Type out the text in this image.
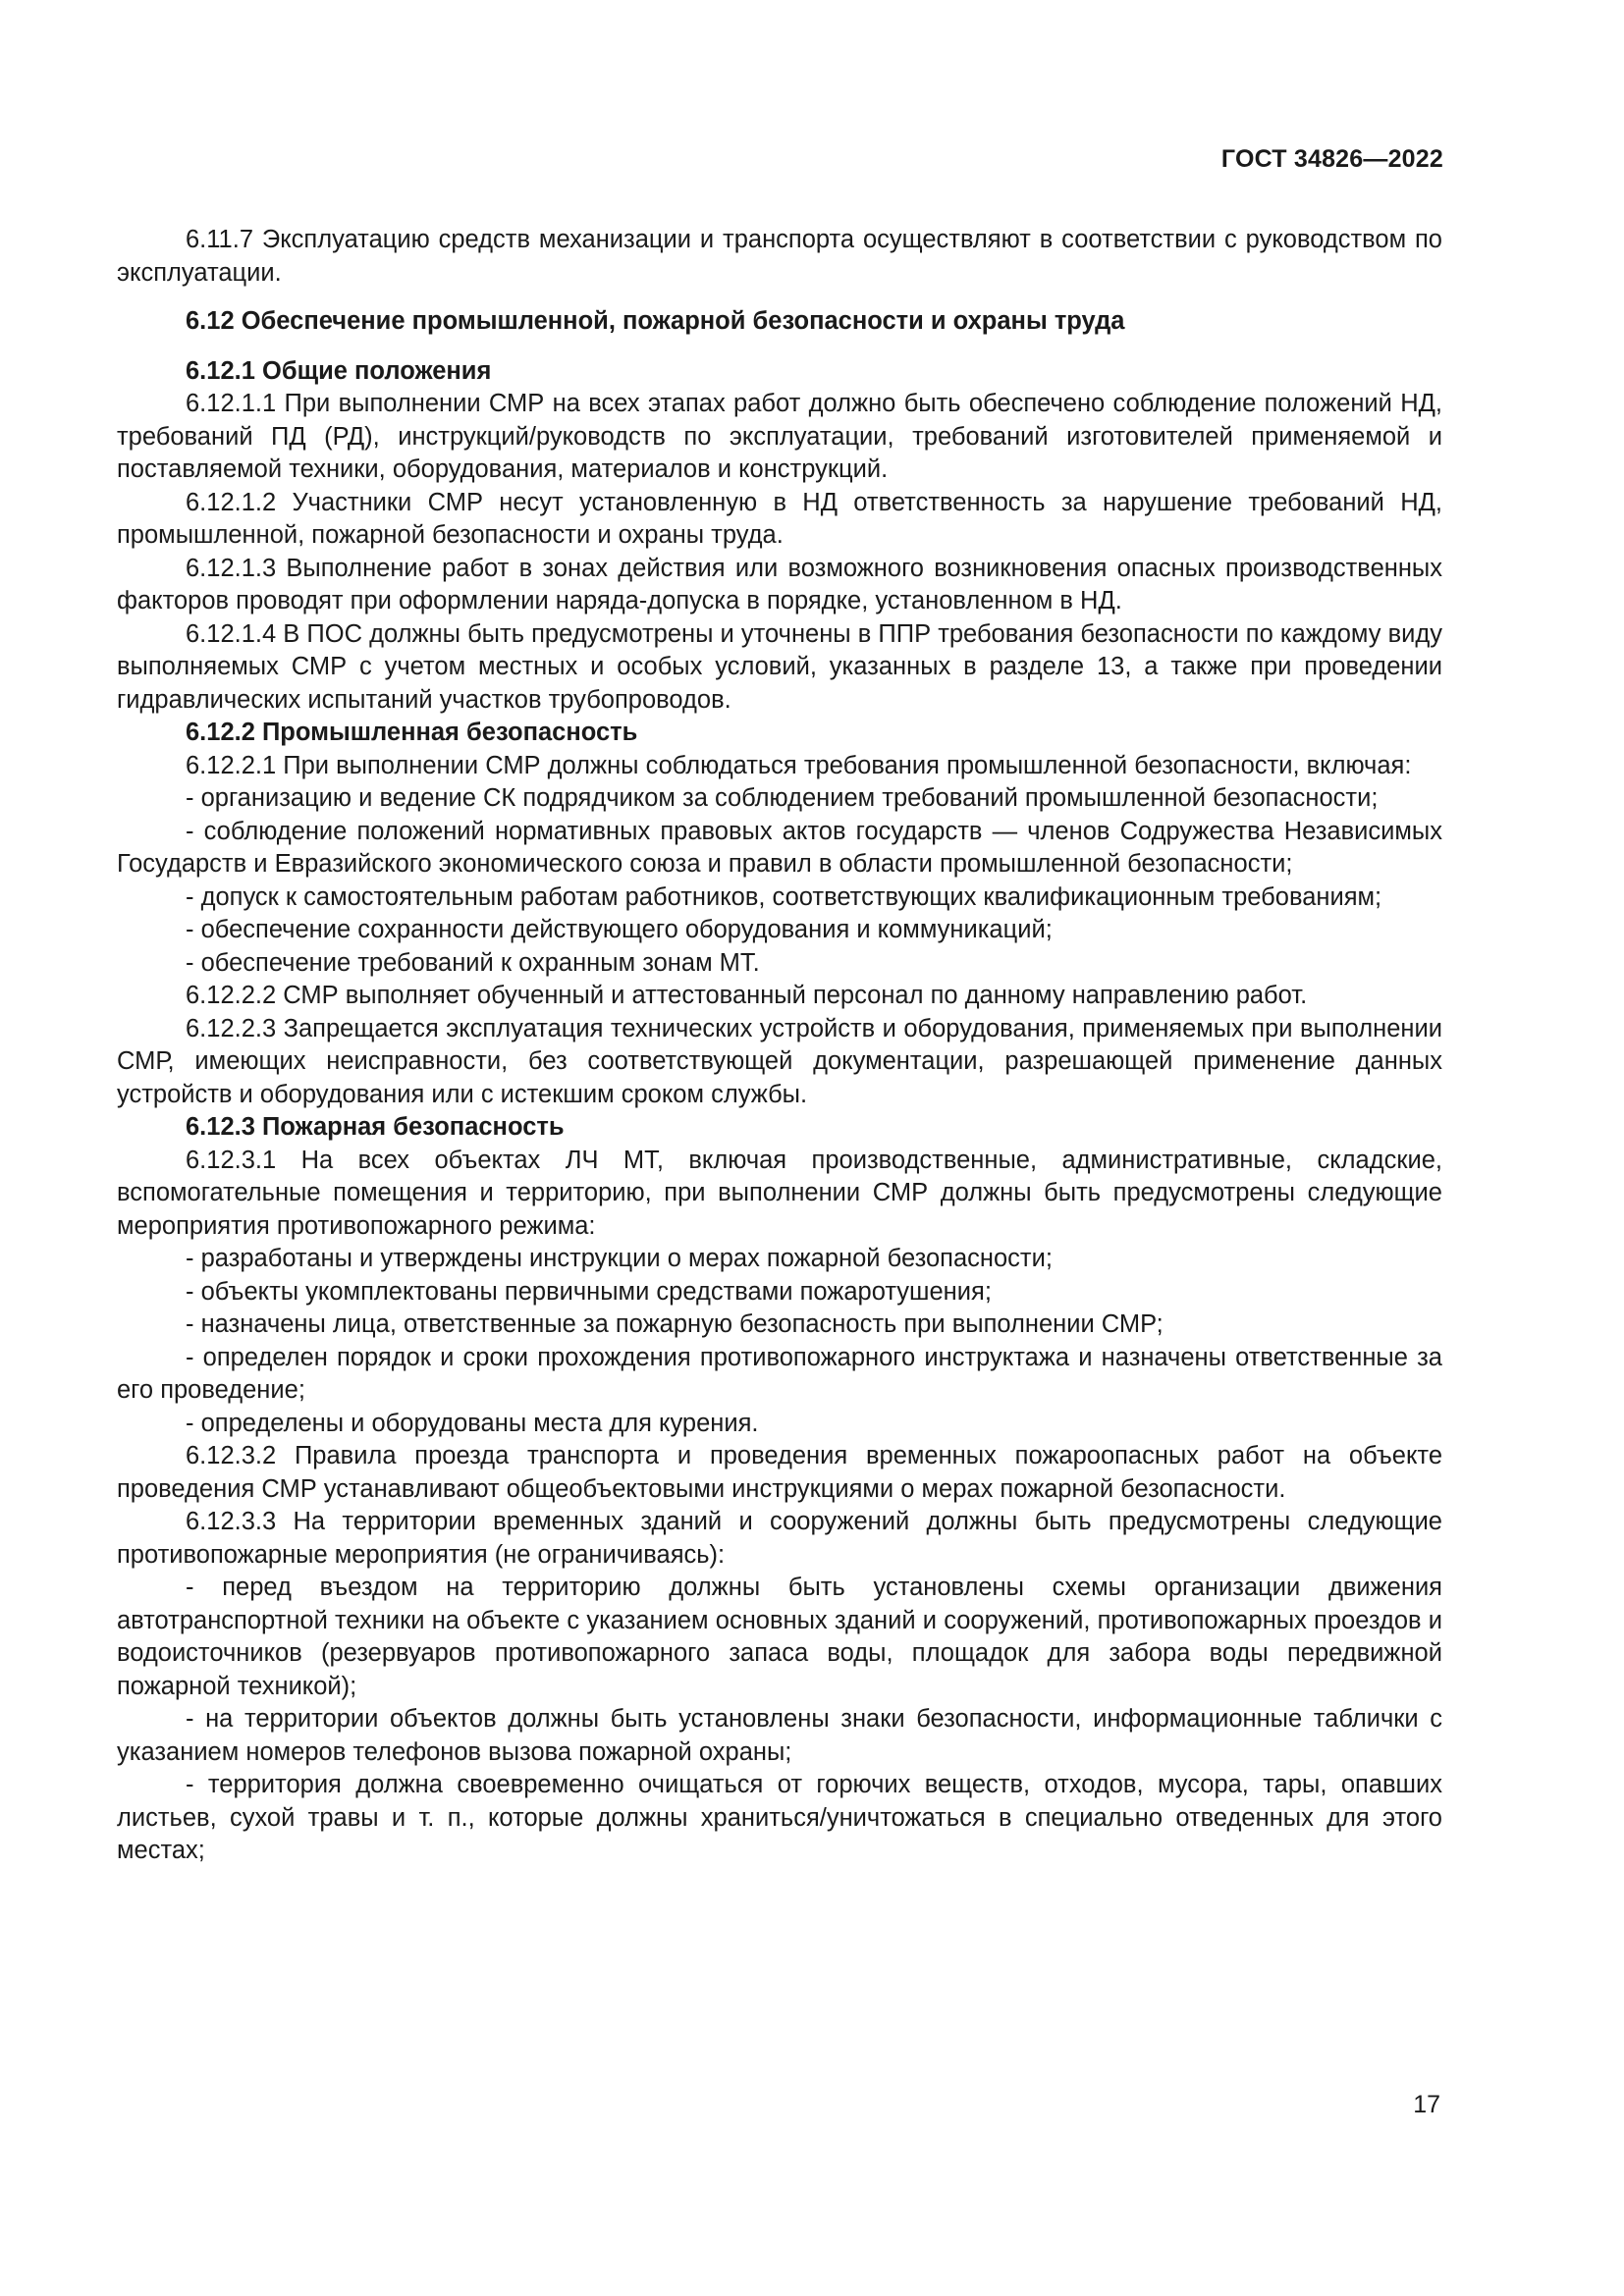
ГОСТ 34826—2022

6.11.7 Эксплуатацию средств механизации и транспорта осуществляют в соответствии с руководством по эксплуатации.

6.12 Обеспечение промышленной, пожарной безопасности и охраны труда

6.12.1 Общие положения

6.12.1.1 При выполнении СМР на всех этапах работ должно быть обеспечено соблюдение положений НД, требований ПД (РД), инструкций/руководств по эксплуатации, требований изготовителей применяемой и поставляемой техники, оборудования, материалов и конструкций.

6.12.1.2 Участники СМР несут установленную в НД ответственность за нарушение требований НД, промышленной, пожарной безопасности и охраны труда.

6.12.1.3 Выполнение работ в зонах действия или возможного возникновения опасных производственных факторов проводят при оформлении наряда-допуска в порядке, установленном в НД.

6.12.1.4 В ПОС должны быть предусмотрены и уточнены в ППР требования безопасности по каждому виду выполняемых СМР с учетом местных и особых условий, указанных в разделе 13, а также при проведении гидравлических испытаний участков трубопроводов.

6.12.2 Промышленная безопасность

6.12.2.1 При выполнении СМР должны соблюдаться требования промышленной безопасности, включая:

- организацию и ведение СК подрядчиком за соблюдением требований промышленной безопасности;

- соблюдение положений нормативных правовых актов государств — членов Содружества Независимых Государств и Евразийского экономического союза и правил в области промышленной безопасности;

- допуск к самостоятельным работам работников, соответствующих квалификационным требованиям;

- обеспечение сохранности действующего оборудования и коммуникаций;

- обеспечение требований к охранным зонам МТ.

6.12.2.2 СМР выполняет обученный и аттестованный персонал по данному направлению работ.

6.12.2.3 Запрещается эксплуатация технических устройств и оборудования, применяемых при выполнении СМР, имеющих неисправности, без соответствующей документации, разрешающей применение данных устройств и оборудования или с истекшим сроком службы.

6.12.3 Пожарная безопасность

6.12.3.1 На всех объектах ЛЧ МТ, включая производственные, административные, складские, вспомогательные помещения и территорию, при выполнении СМР должны быть предусмотрены следующие мероприятия противопожарного режима:

- разработаны и утверждены инструкции о мерах пожарной безопасности;

- объекты укомплектованы первичными средствами пожаротушения;

- назначены лица, ответственные за пожарную безопасность при выполнении СМР;

- определен порядок и сроки прохождения противопожарного инструктажа и назначены ответственные за его проведение;

- определены и оборудованы места для курения.

6.12.3.2 Правила проезда транспорта и проведения временных пожароопасных работ на объекте проведения СМР устанавливают общеобъектовыми инструкциями о мерах пожарной безопасности.

6.12.3.3 На территории временных зданий и сооружений должны быть предусмотрены следующие противопожарные мероприятия (не ограничиваясь):

- перед въездом на территорию должны быть установлены схемы организации движения автотранспортной техники на объекте с указанием основных зданий и сооружений, противопожарных проездов и водоисточников (резервуаров противопожарного запаса воды, площадок для забора воды передвижной пожарной техникой);

- на территории объектов должны быть установлены знаки безопасности, информационные таблички с указанием номеров телефонов вызова пожарной охраны;

- территория должна своевременно очищаться от горючих веществ, отходов, мусора, тары, опавших листьев, сухой травы и т. п., которые должны храниться/уничтожаться в специально отведенных для этого местах;

17
